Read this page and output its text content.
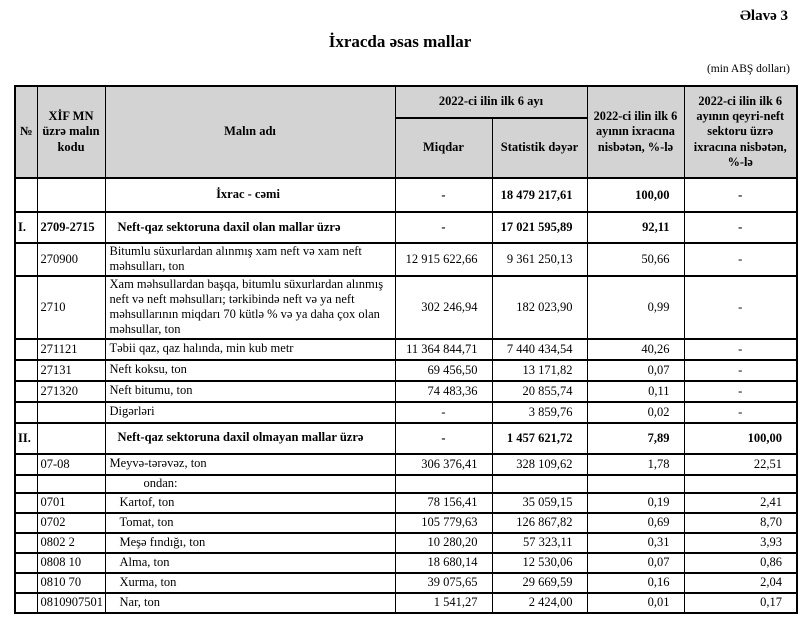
Əlavə 3
İxracda əsas mallar
(min ABŞ dolları)
№	XİF MN üzrə malın kodu	Malın adı	2022-ci ilin ilk 6 ayı		2022-ci ilin ilk 6 ayının ixracına nisbətən, %-lə	2022-ci ilin ilk 6 ayının qeyri-neft sektoru üzrə ixracına nisbətən, %-lə
			Miqdar	Statistik dəyər		
		İxrac - cəmi	-	18 479 217,61	100,00	-
I.	2709-2715	Neft-qaz sektoruna daxil olan mallar üzrə	-	17 021 595,89	92,11	-
	270900	Bitumlu süxurlardan alınmış xam neft və xam neft məhsulları, ton	12 915 622,66	9 361 250,13	50,66	-
	2710	Xam məhsullardan başqa, bitumlu süxurlardan alınmış neft və neft məhsulları; tərkibində neft və ya neft məhsullarının miqdarı 70 kütlə % və ya daha çox olan məhsullar, ton	302 246,94	182 023,90	0,99	-
	271121	Təbii qaz, qaz halında, min kub metr	11 364 844,71	7 440 434,54	40,26	-
	27131	Neft koksu, ton	69 456,50	13 171,82	0,07	-
	271320	Neft bitumu, ton	74 483,36	20 855,74	0,11	-
		Digərləri	-	3 859,76	0,02	-
II.		Neft-qaz sektoruna daxil olmayan mallar üzrə	-	1 457 621,72	7,89	100,00
	07-08	Meyvə-tərəvəz, ton	306 376,41	328 109,62	1,78	22,51
		ondan:				
	0701	Kartof, ton	78 156,41	35 059,15	0,19	2,41
	0702	Tomat, ton	105 779,63	126 867,82	0,69	8,70
	0802 2	Meşə fındığı, ton	10 280,20	57 323,11	0,31	3,93
	0808 10	Alma, ton	18 680,14	12 530,06	0,07	0,86
	0810 70	Xurma, ton	39 075,65	29 669,59	0,16	2,04
	0810907501	Nar, ton	1 541,27	2 424,00	0,01	0,17
